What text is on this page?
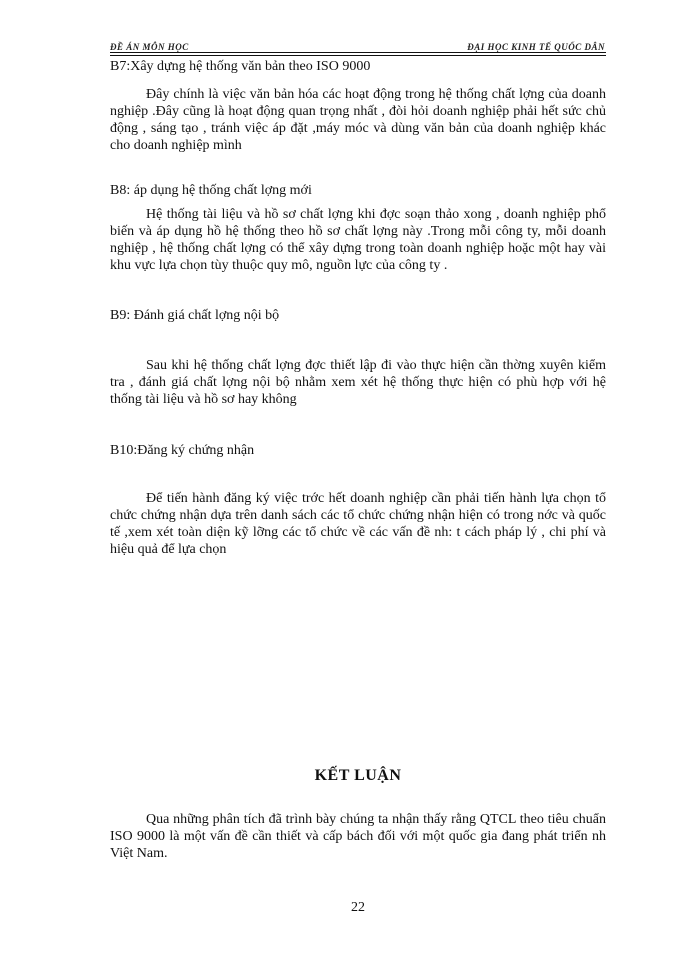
ĐỀ ÁN MÔN HỌC	ĐẠI HỌC KINH TẾ QUỐC DÂN

B7:Xây dựng hệ thống văn bản theo ISO 9000

Đây chính là việc văn bản hóa các hoạt động trong hệ thống chất lợng của doanh nghiệp .Đây cũng là hoạt động quan trọng nhất , đòi hỏi doanh nghiệp phải hết sức chủ động , sáng tạo , tránh việc áp đặt ,máy móc và dùng văn bản của doanh nghiệp khác cho doanh nghiệp mình

B8: áp dụng hệ thống chất lợng mới

Hệ thống tài liệu và hồ sơ chất lợng khi đợc soạn thảo xong , doanh nghiệp phổ biến và áp dụng hồ hệ thống theo hồ sơ chất lợng này .Trong mỗi công ty, mỗi doanh nghiệp , hệ thống chất lợng có thể xây dựng trong toàn doanh nghiệp hoặc một hay vài khu vực lựa chọn tùy thuộc quy mô, nguồn lực của công ty .

B9: Đánh giá chất lợng nội bộ

Sau khi hệ thống chất lợng đợc thiết lập đi vào thực hiện cần thờng xuyên kiểm tra , đánh giá chất lợng nội bộ nhằm xem xét hệ thống thực hiện có phù hợp với hệ thống tài liệu và hồ sơ hay không

B10:Đăng ký chứng nhận

Để tiến hành đăng ký việc trớc hết doanh nghiệp cần phải tiến hành lựa chọn tổ chức chứng nhận dựa trên danh sách các tổ chức chứng nhận hiện có trong nớc và quốc tế ,xem xét toàn diện kỹ lỡng các tổ chức về các vấn đề nh: t cách pháp lý , chi phí và hiệu quả để lựa chọn

KẾT LUẬN

Qua những phân tích đã trình bày chúng ta nhận thấy rằng QTCL theo tiêu chuẩn ISO 9000 là một vấn đề cần thiết và cấp bách đối với một quốc gia đang phát triển nh Việt Nam.

22
